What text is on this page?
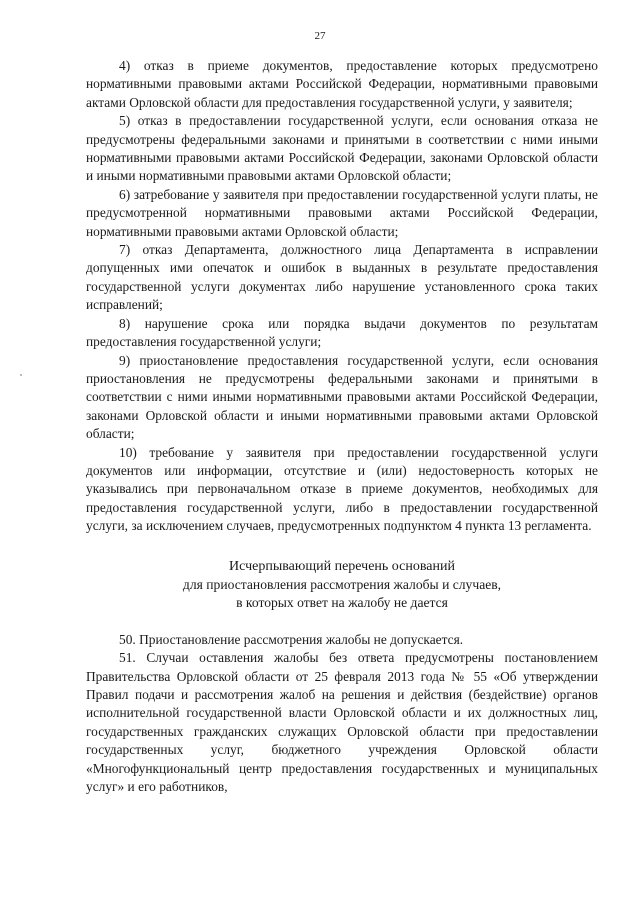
27

4) отказ в приеме документов, предоставление которых предусмотрено нормативными правовыми актами Российской Федерации, нормативными правовыми актами Орловской области для предоставления государственной услуги, у заявителя;

5) отказ в предоставлении государственной услуги, если основания отказа не предусмотрены федеральными законами и принятыми в соответствии с ними иными нормативными правовыми актами Российской Федерации, законами Орловской области и иными нормативными правовыми актами Орловской области;

6) затребование у заявителя при предоставлении государственной услуги платы, не предусмотренной нормативными правовыми актами Российской Федерации, нормативными правовыми актами Орловской области;

7) отказ Департамента, должностного лица Департамента в исправлении допущенных ими опечаток и ошибок в выданных в результате предоставления государственной услуги документах либо нарушение установленного срока таких исправлений;

8) нарушение срока или порядка выдачи документов по результатам предоставления государственной услуги;

9) приостановление предоставления государственной услуги, если основания приостановления не предусмотрены федеральными законами и принятыми в соответствии с ними иными нормативными правовыми актами Российской Федерации, законами Орловской области и иными нормативными правовыми актами Орловской области;

10) требование у заявителя при предоставлении государственной услуги документов или информации, отсутствие и (или) недостоверность которых не указывались при первоначальном отказе в приеме документов, необходимых для предоставления государственной услуги, либо в предоставлении государственной услуги, за исключением случаев, предусмотренных подпунктом 4 пункта 13 регламента.

Исчерпывающий перечень оснований
для приостановления рассмотрения жалобы и случаев,
в которых ответ на жалобу не дается

50. Приостановление рассмотрения жалобы не допускается.

51. Случаи оставления жалобы без ответа предусмотрены постановлением Правительства Орловской области от 25 февраля 2013 года № 55 «Об утверждении Правил подачи и рассмотрения жалоб на решения и действия (бездействие) органов исполнительной государственной власти Орловской области и их должностных лиц, государственных гражданских служащих Орловской области при предоставлении государственных услуг, бюджетного учреждения Орловской области «Многофункциональный центр предоставления государственных и муниципальных услуг» и его работников,
